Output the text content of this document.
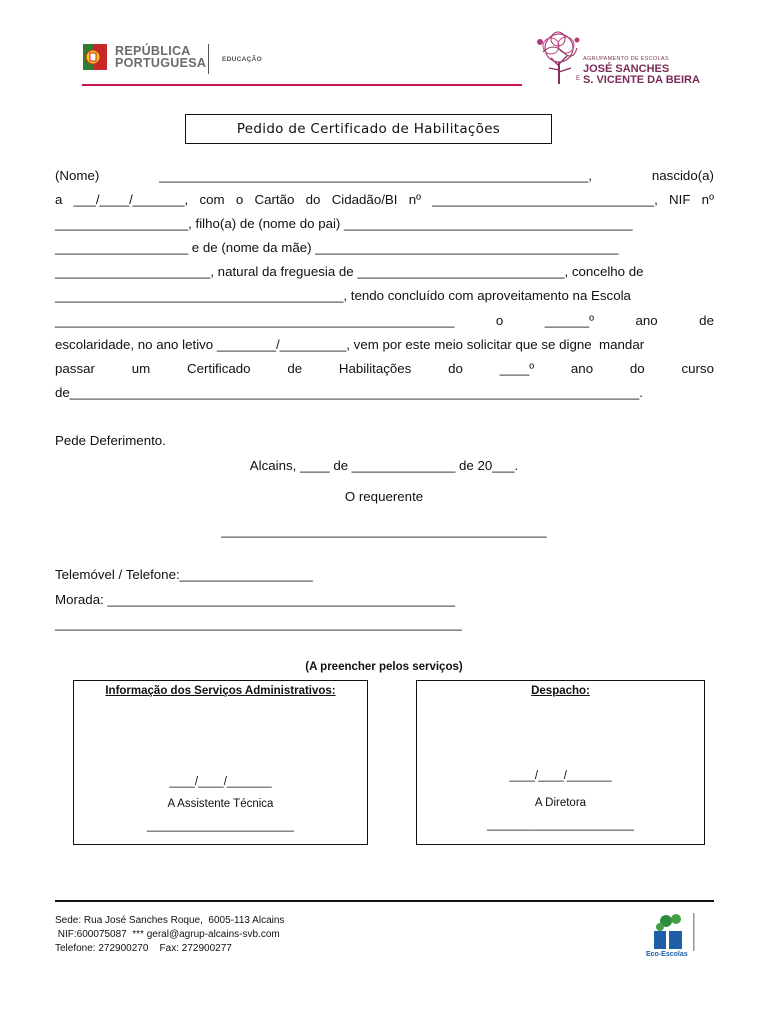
REPÚBLICA
PORTUGUESA EDUCAÇÃO	AGRUPAMENTO DE ESCOLAS
JOSÉ SANCHES
E S. VICENTE DA BEIRA
Pedido de Certificado de Habilitações
(Nome)	__________________________________________________________,	nascido(a)
a ___/____/_______, com o Cartão do Cidadão/BI nº ______________________________, NIF nº
__________________, filho(a) de (nome do pai) _______________________________________
__________________ e de (nome da mãe) _________________________________________
_____________________, natural da freguesia de ____________________________, concelho de
_______________________________________, tendo concluído com aproveitamento na Escola
______________________________________________________	o	______º	ano	de
escolaridade, no ano letivo ________/_________, vem por este meio solicitar que se digne  mandar
passar	um	Certificado	de	Habilitações	do	____º	ano	do	curso
de_____________________________________________________________________________.
Pede Deferimento.
Alcains, ____ de ______________ de 20___.
O requerente
____________________________________________
Telemóvel / Telefone:__________________
Morada: _______________________________________________
_______________________________________________________
(A preencher pelos serviços)
Informação dos Serviços Administrativos:
____/____/_______
A Assistente Técnica
_______________________
Despacho:
____/____/_______
A Diretora
_______________________
Sede: Rua José Sanches Roque,  6005-113 Alcains
NIF:600075087  *** geral@agrup-alcains-svb.com
Telefone: 272900270    Fax: 272900277
Eco-Escolas
